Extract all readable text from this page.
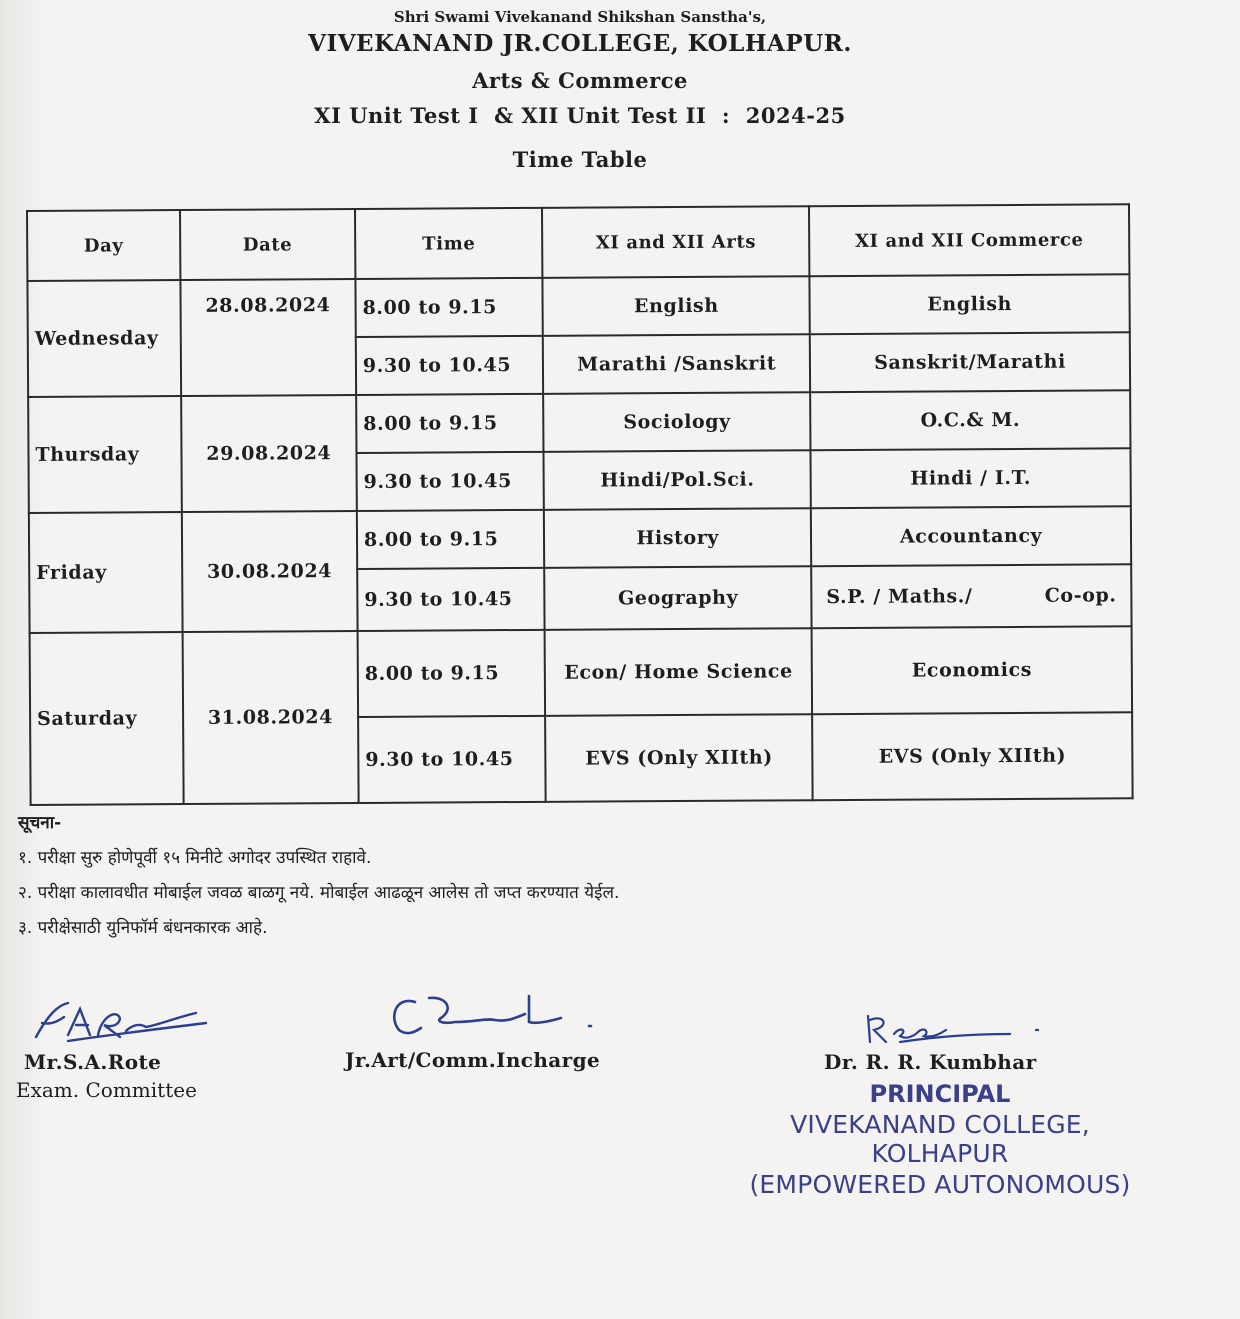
Shri Swami Vivekanand Shikshan Sanstha's,
VIVEKANAND JR.COLLEGE, KOLHAPUR.
Arts & Commerce
XI Unit Test I  & XII Unit Test II  :  2024-25
Time Table
Day	Date	Time	XI and XII Arts	XI and XII Commerce
Wednesday	28.08.2024	8.00 to 9.15	English	English
		9.30 to 10.45	Marathi /Sanskrit	Sanskrit/Marathi
Thursday	29.08.2024	8.00 to 9.15	Sociology	O.C.& M.
		9.30 to 10.45	Hindi/Pol.Sci.	Hindi / I.T.
Friday	30.08.2024	8.00 to 9.15	History	Accountancy
		9.30 to 10.45	Geography	S.P. / Maths./          Co-op.
Saturday	31.08.2024	8.00 to 9.15	Econ/ Home Science	Economics
		9.30 to 10.45	EVS (Only XIIth)	EVS (Only XIIth)
सूचना-
१. परीक्षा सुरु होणेपूर्वी १५ मिनीटे अगोदर उपस्थित राहावे.
२. परीक्षा कालावधीत मोबाईल जवळ बाळगू नये. मोबाईल आढळून आलेस तो जप्त करण्यात येईल.
३. परीक्षेसाठी युनिफॉर्म बंधनकारक आहे.
Mr.S.A.Rote
Exam. Committee
Jr.Art/Comm.Incharge	Dr. R. R. Kumbhar
PRINCIPAL
VIVEKANAND COLLEGE, KOLHAPUR
(EMPOWERED AUTONOMOUS)
